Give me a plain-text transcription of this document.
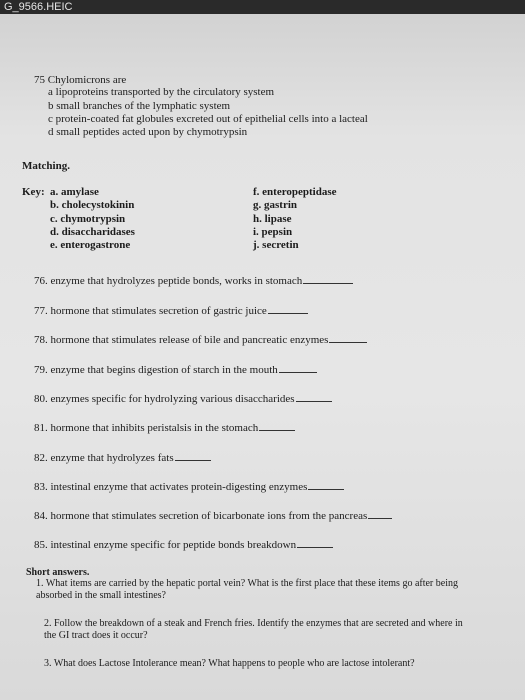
G_9566.HEIC
75 Chylomicrons are
a lipoproteins transported by the circulatory system
b small branches of the lymphatic system
c protein-coated fat globules excreted out of epithelial cells into a lacteal
d small peptides acted upon by chymotrypsin
Matching.
Key: a. amylase
b. cholecystokinin
c. chymotrypsin
d. disaccharidases
e. enterogastrone
f. enteropeptidase
g. gastrin
h. lipase
i. pepsin
j. secretin
76. enzyme that hydrolyzes peptide bonds, works in stomach
77. hormone that stimulates secretion of gastric juice
78. hormone that stimulates release of bile and pancreatic enzymes
79. enzyme that begins digestion of starch in the mouth
80. enzymes specific for hydrolyzing various disaccharides
81. hormone that inhibits peristalsis in the stomach
82. enzyme that hydrolyzes fats
83. intestinal enzyme that activates protein-digesting enzymes
84. hormone that stimulates secretion of bicarbonate ions from the pancreas
85. intestinal enzyme specific for peptide bonds breakdown
Short answers.
1. What items are carried by the hepatic portal vein? What is the first place that these items go after being absorbed in the small intestines?
2. Follow the breakdown of a steak and French fries. Identify the enzymes that are secreted and where in the GI tract does it occur?
3. What does Lactose Intolerance mean? What happens to people who are lactose intolerant?
